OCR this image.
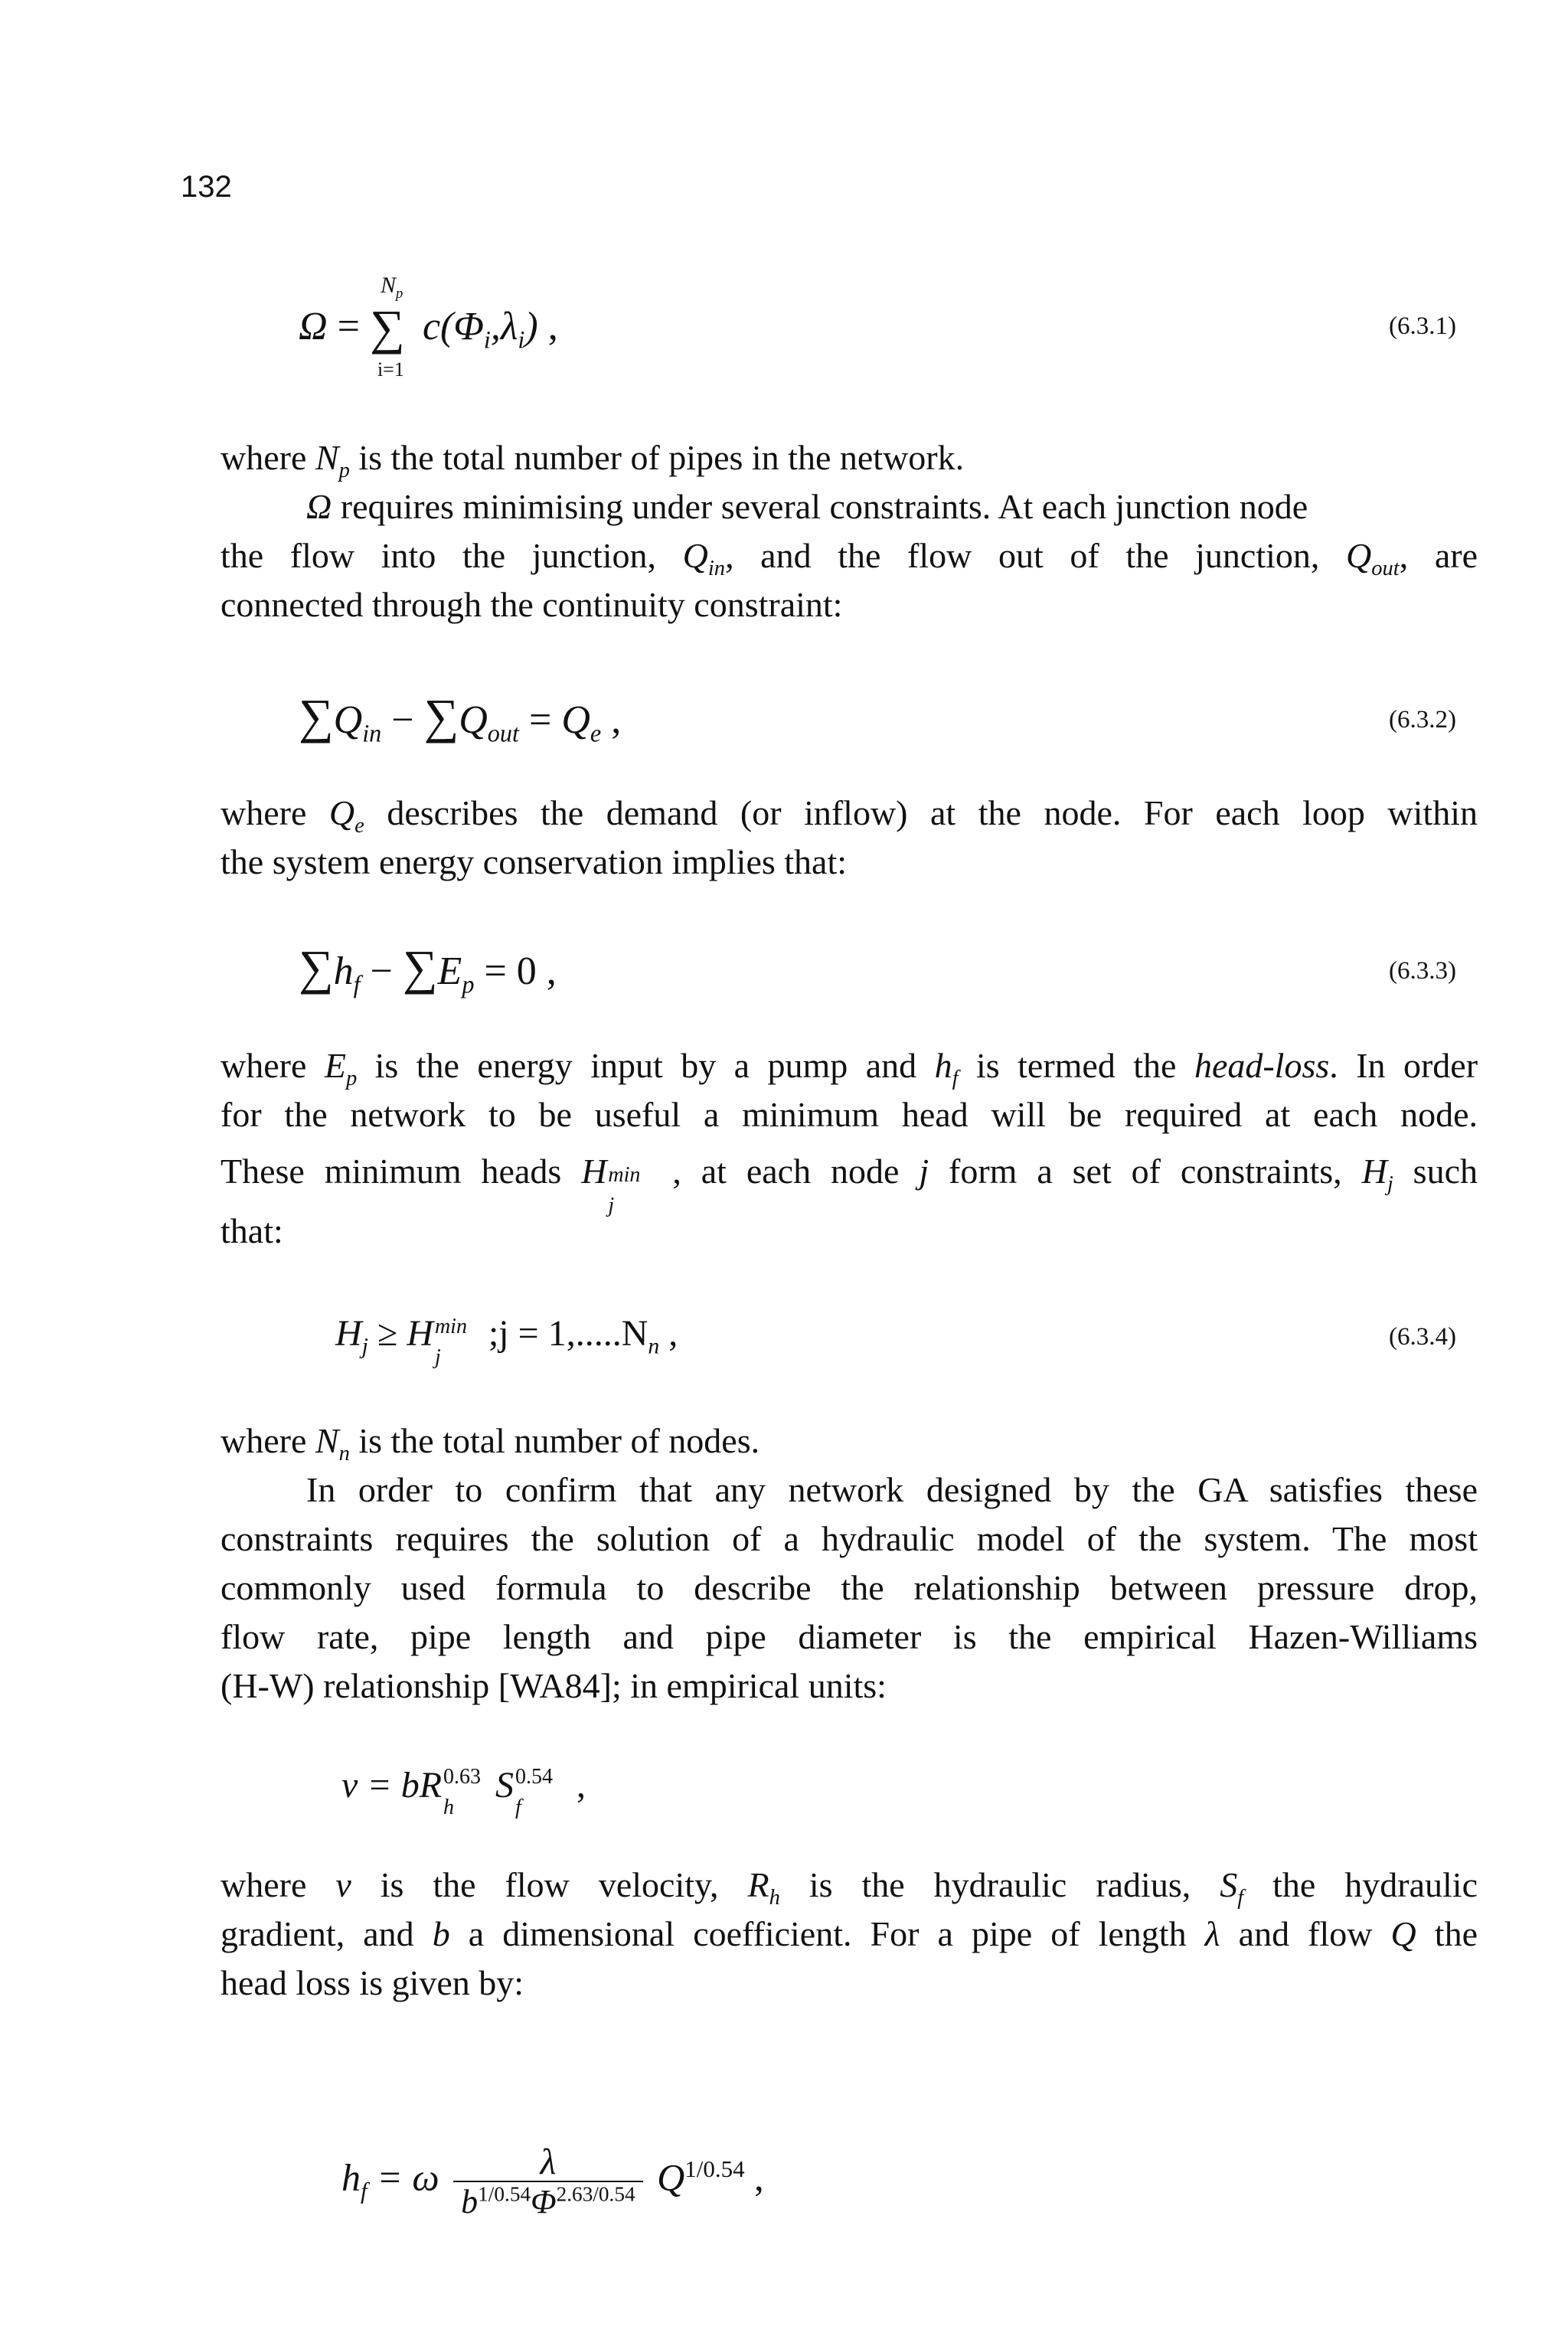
132
Ω =
$N_p$
∑
i=1
$c(\Phi_i,\lambda_i)$ ,	(6.3.1)
where $N_p$ is the total number of pipes in the network.
Ω requires minimising under several constraints. At each junction node
the flow into the junction, $Q_{in}$, and the flow out of the junction, $Q_{out}$, are
connected through the continuity constraint:
$\sum Q_{in} - \sum Q_{out} = Q_e$ ,	(6.3.2)
where $Q_e$ describes the demand (or inflow) at the node. For each loop within
the system energy conservation implies that:
$\sum h_f - \sum E_p = 0$ ,	(6.3.3)
where $E_p$ is the energy input by a pump and $h_f$ is termed the head-loss. In order
for the network to be useful a minimum head will be required at each node.
These minimum heads H min
j
, at each node j form a set of constraints, $H_j$ such
that:
$H_j \ge H$ min
j
;j = $1,.....N_n$ ,	(6.3.4)
where $N_n$ is the total number of nodes.
In order to confirm that any network designed by the GA satisfies these
constraints requires the solution of a hydraulic model of the system. The most
commonly used formula to describe the relationship between pressure drop,
flow rate, pipe length and pipe diameter is the empirical Hazen-Williams
(H-W) relationship [WA84]; in empirical units:
v = bR 0.63
h
S 0.54
f
,
where v is the flow velocity, $R_h$ is the hydraulic radius, $S_f$ the hydraulic
gradient, and b a dimensional coefficient. For a pipe of length λ and flow Q the
head loss is given by:
$h_f = \omega \frac{\lambda}{b^{1/0.54}\Phi^{2.63/0.54}} Q^{1/0.54}$ ,
